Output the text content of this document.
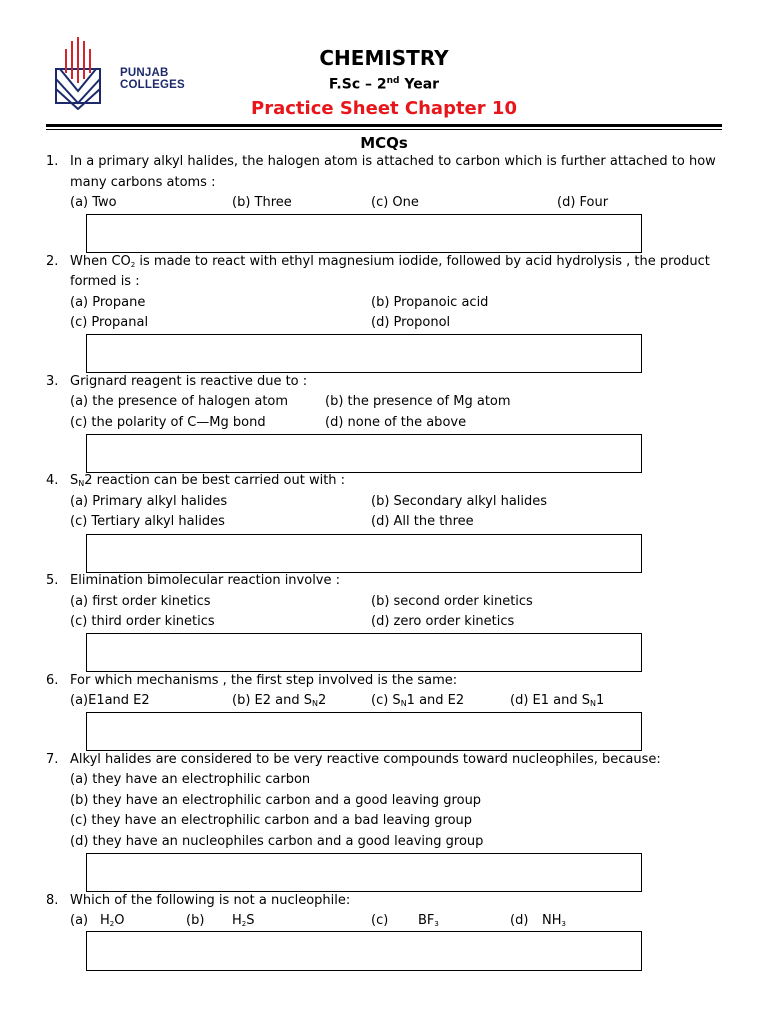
PUNJAB
COLLEGES
CHEMISTRY
F.Sc – 2nd Year
Practice Sheet Chapter 10
MCQs
1. In a primary alkyl halides, the halogen atom is attached to carbon which is further attached to how
many carbons atoms :
(a) Two	(b) Three	(c) One	(d) Four
2. When $CO_2$ is made to react with ethyl magnesium iodide, followed by acid hydrolysis , the product
formed is :
(a) Propane	(b) Propanoic acid
(c) Propanal	(d) Proponol
3. Grignard reagent is reactive due to :
(a) the presence of halogen atom	(b) the presence of Mg atom
(c) the polarity of C—Mg bond	(d) none of the above
4. $S_N2$ reaction can be best carried out with :
(a) Primary alkyl halides	(b) Secondary alkyl halides
(c) Tertiary alkyl halides	(d) All the three
5. Elimination bimolecular reaction involve :
(a) first order kinetics	(b) second order kinetics
(c) third order kinetics	(d) zero order kinetics
6. For which mechanisms , the first step involved is the same:
(a)E1and E2	(b) E2 and $S_N2$	(c) $S_N1$ and E2	(d) E1 and $S_N1$
7. Alkyl halides are considered to be very reactive compounds toward nucleophiles, because:
(a) they have an electrophilic carbon
(b) they have an electrophilic carbon and a good leaving group
(c) they have an electrophilic carbon and a bad leaving group
(d) they have an nucleophiles carbon and a good leaving group
8. Which of the following is not a nucleophile:
(a) $H_2O$	(b) $H_2S$	(c) $BF_3$	(d) $NH_3$
